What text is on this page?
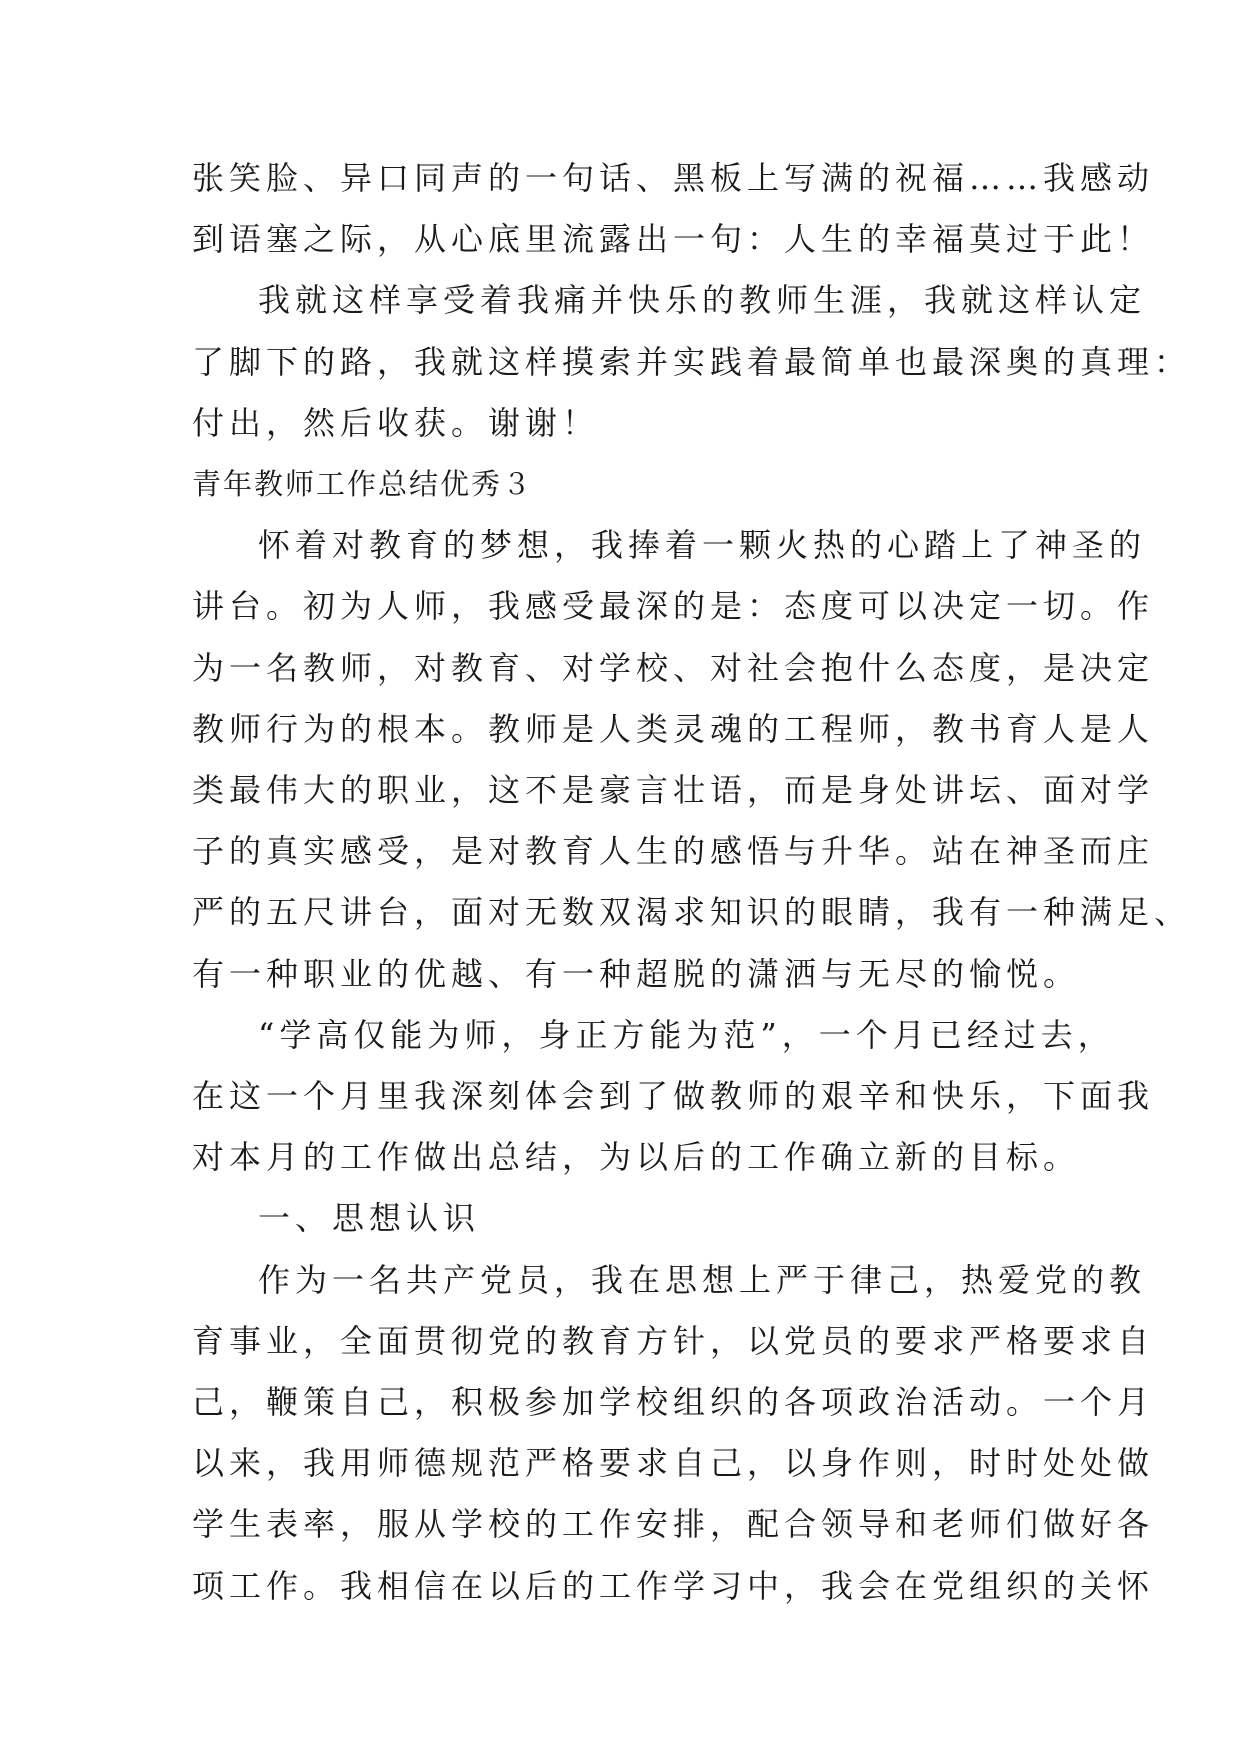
张笑脸、异口同声的一句话、黑板上写满的祝福……我感动
到语塞之际，从心底里流露出一句：人生的幸福莫过于此！
我就这样享受着我痛并快乐的教师生涯，我就这样认定
了脚下的路，我就这样摸索并实践着最简单也最深奥的真理：
付出，然后收获。谢谢！
青年教师工作总结优秀３
怀着对教育的梦想，我捧着一颗火热的心踏上了神圣的
讲台。初为人师，我感受最深的是：态度可以决定一切。作
为一名教师，对教育、对学校、对社会抱什么态度，是决定
教师行为的根本。教师是人类灵魂的工程师，教书育人是人
类最伟大的职业，这不是豪言壮语，而是身处讲坛、面对学
子的真实感受，是对教育人生的感悟与升华。站在神圣而庄
严的五尺讲台，面对无数双渴求知识的眼睛，我有一种满足、
有一种职业的优越、有一种超脱的潇洒与无尽的愉悦。
“学高仅能为师，身正方能为范”，一个月已经过去，
在这一个月里我深刻体会到了做教师的艰辛和快乐，下面我
对本月的工作做出总结，为以后的工作确立新的目标。
一、思想认识
作为一名共产党员，我在思想上严于律己，热爱党的教
育事业，全面贯彻党的教育方针，以党员的要求严格要求自
己，鞭策自己，积极参加学校组织的各项政治活动。一个月
以来，我用师德规范严格要求自己，以身作则，时时处处做
学生表率，服从学校的工作安排，配合领导和老师们做好各
项工作。我相信在以后的工作学习中，我会在党组织的关怀
